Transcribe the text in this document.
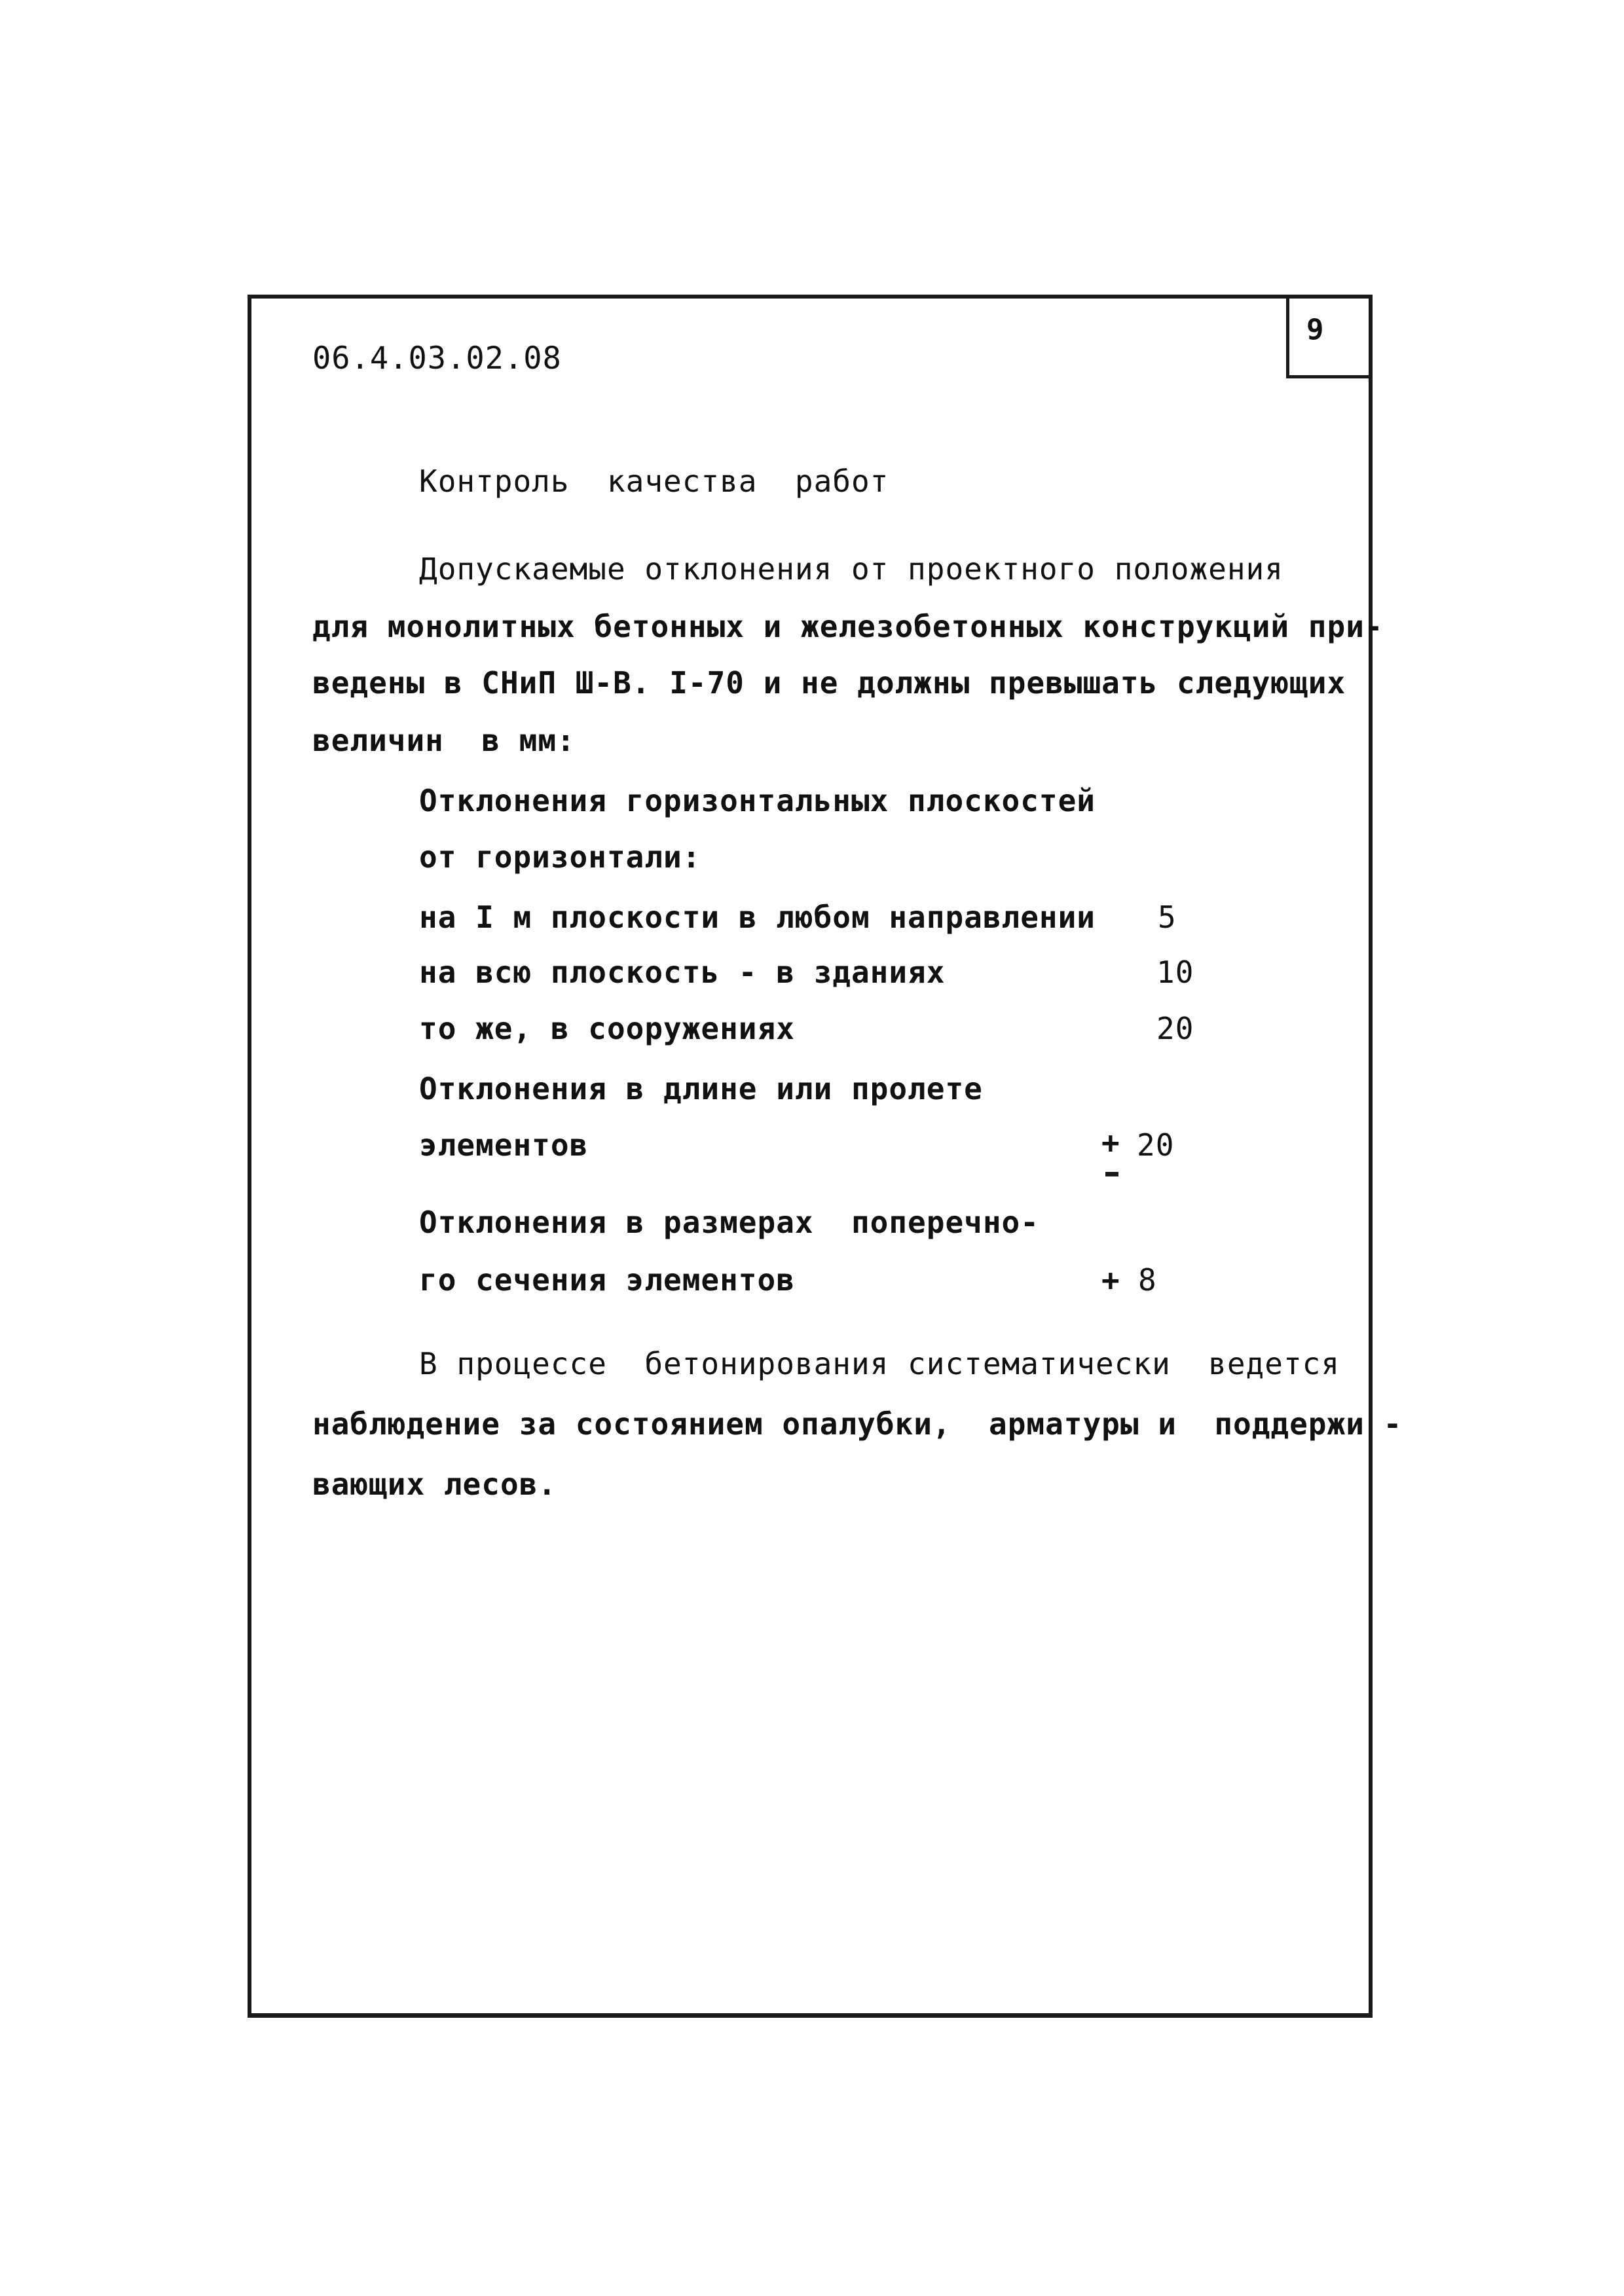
9
06.4.03.02.08
Контроль  качества  работ
Допускаемые отклонения от проектного положения
для монолитных бетонных и железобетонных конструкций при-
ведены в СНиП Ш-В. I-70 и не должны превышать следующих
величин  в мм:
Отклонения горизонтальных плоскостей
от горизонтали:
на I м плоскости в любом направлении 5
на всю плоскость - в зданиях	10
то же, в сооружениях	20
Отклонения в длине или пролете
элементов	+ 20
Отклонения в размерах  поперечно-
го сечения элементов	+ 8
В процессе  бетонирования систематически  ведется
наблюдение за состоянием опалубки,  арматуры и  поддержи -
вающих лесов.
